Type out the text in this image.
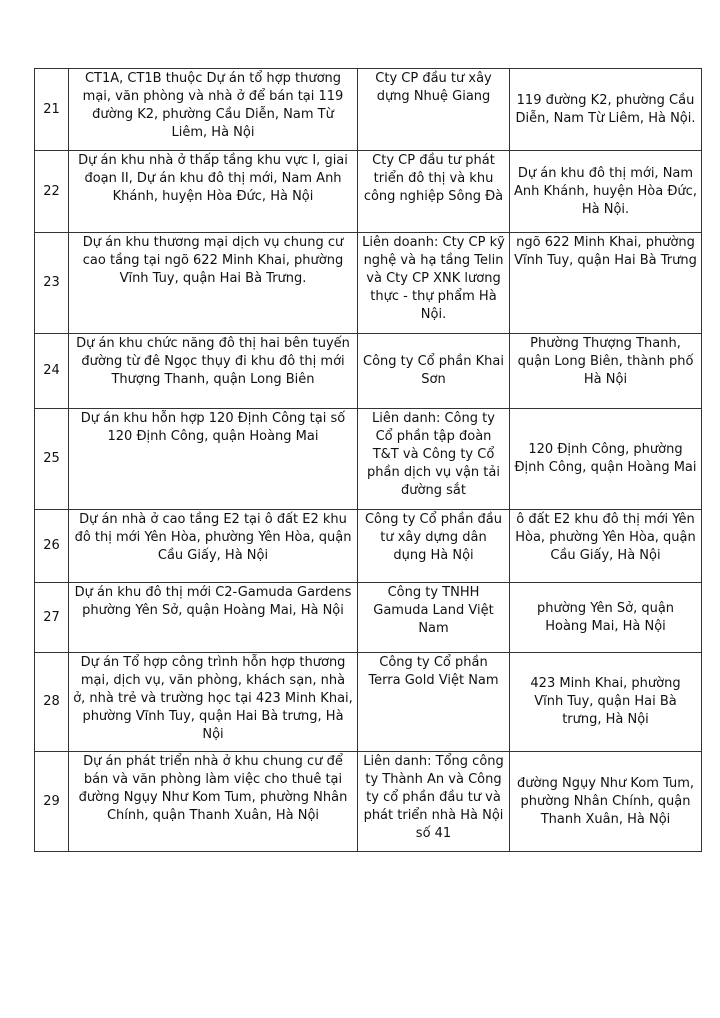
21	CT1A, CT1B thuộc Dự án tổ hợp thương mại, văn phòng và nhà ở để bán tại 119 đường K2, phường Cầu Diễn, Nam Từ Liêm, Hà Nội	Cty CP đầu tư xây dựng Nhuệ Giang	119 đường K2, phường Cầu Diễn, Nam Từ Liêm, Hà Nội.
22	Dự án khu nhà ở thấp tầng khu vực I, giai đoạn II, Dự án khu đô thị mới, Nam Anh Khánh, huyện Hòa Đức, Hà Nội	Cty CP đầu tư phát triển đô thị và khu công nghiệp Sông Đà	Dự án khu đô thị mới, Nam Anh Khánh, huyện Hòa Đức, Hà Nội.
23	Dự án khu thương mại dịch vụ chung cư cao tầng tại ngõ 622 Minh Khai, phường Vĩnh Tuy, quận Hai Bà Trưng.	Liên doanh: Cty CP kỹ nghệ và hạ tầng Telin và Cty CP XNK lương thực - thự phẩm Hà Nội.	ngõ 622 Minh Khai, phường Vĩnh Tuy, quận Hai Bà Trưng
24	Dự án khu chức năng đô thị hai bên tuyến đường từ đê Ngọc thụy đi khu đô thị mới Thượng Thanh, quận Long Biên	Công ty Cổ phần Khai Sơn	Phường Thượng Thanh, quận Long Biên, thành phố Hà Nội
25	Dự án khu hỗn hợp 120 Định Công tại số 120 Định Công, quận Hoàng Mai	Liên danh: Công ty Cổ phần tập đoàn T&T và Công ty Cổ phần dịch vụ vận tải đường sắt	120 Định Công, phường Định Công, quận Hoàng Mai
26	Dự án nhà ở cao tầng E2 tại ô đất E2 khu đô thị mới Yên Hòa, phường Yên Hòa, quận Cầu Giấy, Hà Nội	Công ty Cổ phần đầu tư xây dựng dân dụng Hà Nội	ô đất E2 khu đô thị mới Yên Hòa, phường Yên Hòa, quận Cầu Giấy, Hà Nội
27	Dự án khu đô thị mới C2-Gamuda Gardens phường Yên Sở, quận Hoàng Mai, Hà Nội	Công ty TNHH Gamuda Land Việt Nam	phường Yên Sở, quận Hoàng Mai, Hà Nội
28	Dự án Tổ hợp công trình hỗn hợp thương mại, dịch vụ, văn phòng, khách sạn, nhà ở, nhà trẻ và trường học tại 423 Minh Khai, phường Vĩnh Tuy, quận Hai Bà trưng, Hà Nội	Công ty Cổ phần Terra Gold Việt Nam	423 Minh Khai, phường Vĩnh Tuy, quận Hai Bà trưng, Hà Nội
29	Dự án phát triển nhà ở khu chung cư để bán và văn phòng làm việc cho thuê tại đường Ngụy Như Kom Tum, phường Nhân Chính, quận Thanh Xuân, Hà Nội	Liên danh: Tổng công ty Thành An và Công ty cổ phần đầu tư và phát triển nhà Hà Nội số 41	đường Ngụy Như Kom Tum, phường Nhân Chính, quận Thanh Xuân, Hà Nội
